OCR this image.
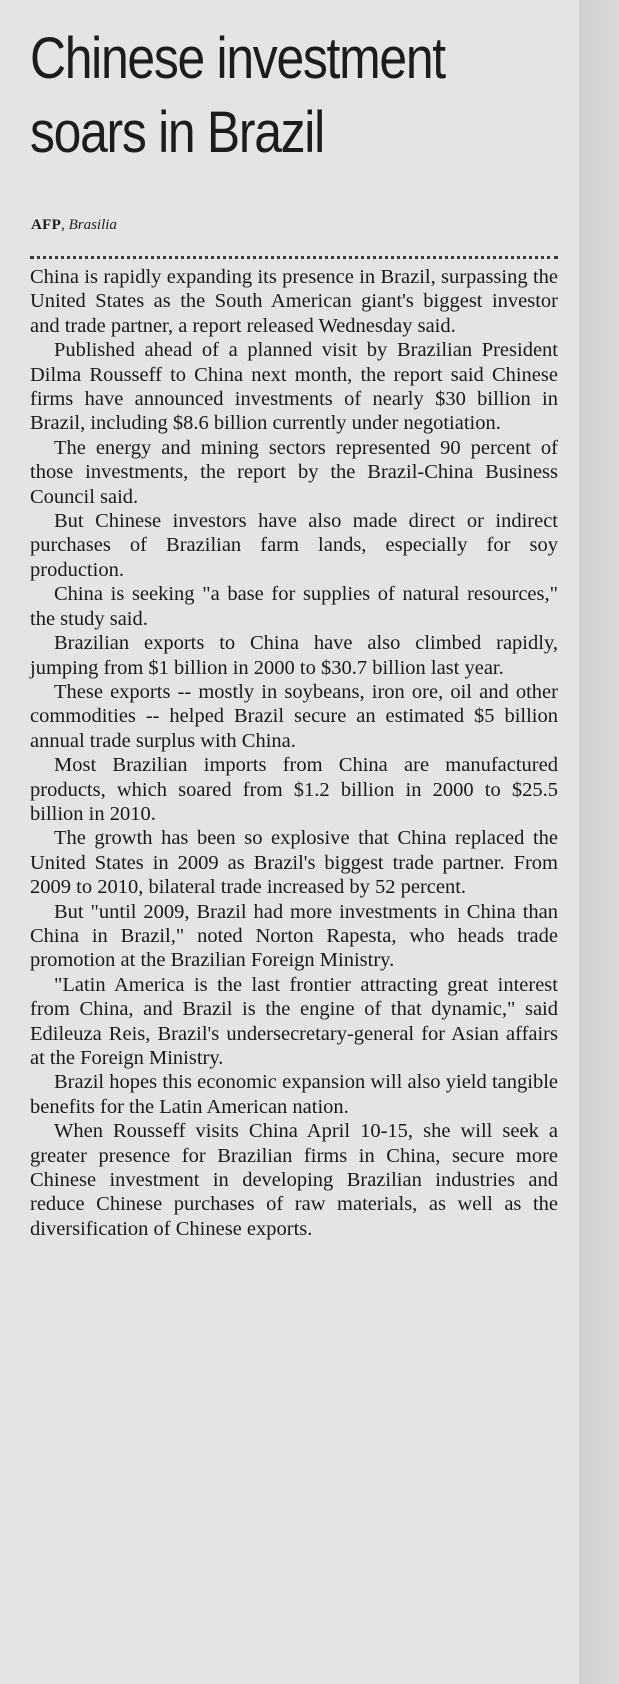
Chinese investment soars in Brazil
AFP, Brasilia

China is rapidly expanding its presence in Brazil, surpassing the United States as the South American giant's biggest investor and trade partner, a report released Wednesday said.

Published ahead of a planned visit by Brazilian President Dilma Rousseff to China next month, the report said Chinese firms have announced investments of nearly $30 billion in Brazil, including $8.6 billion currently under negotiation.

The energy and mining sectors represented 90 percent of those investments, the report by the Brazil-China Business Council said.

But Chinese investors have also made direct or indirect purchases of Brazilian farm lands, especially for soy production.

China is seeking "a base for supplies of natural resources," the study said.

Brazilian exports to China have also climbed rapidly, jumping from $1 billion in 2000 to $30.7 billion last year.

These exports -- mostly in soybeans, iron ore, oil and other commodities -- helped Brazil secure an estimated $5 billion annual trade surplus with China.

Most Brazilian imports from China are manufactured products, which soared from $1.2 billion in 2000 to $25.5 billion in 2010.

The growth has been so explosive that China replaced the United States in 2009 as Brazil's biggest trade partner. From 2009 to 2010, bilateral trade increased by 52 percent.

But "until 2009, Brazil had more investments in China than China in Brazil," noted Norton Rapesta, who heads trade promotion at the Brazilian Foreign Ministry.

"Latin America is the last frontier attracting great interest from China, and Brazil is the engine of that dynamic," said Edileuza Reis, Brazil's undersecretary-general for Asian affairs at the Foreign Ministry.

Brazil hopes this economic expansion will also yield tangible benefits for the Latin American nation.

When Rousseff visits China April 10-15, she will seek a greater presence for Brazilian firms in China, secure more Chinese investment in developing Brazilian industries and reduce Chinese purchases of raw materials, as well as the diversification of Chinese exports.
